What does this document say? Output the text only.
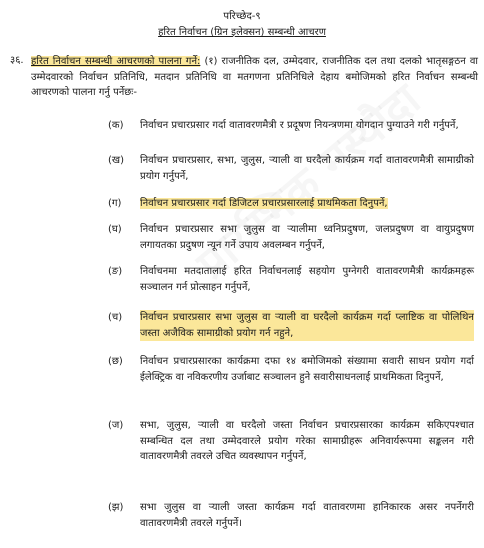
परिच्छेद-९
हरित निर्वाचन (ग्रिन इलेक्सन) सम्बन्धी आचरण
३६. हरित निर्वाचन सम्बन्धी आचरणको पालना गर्ने: (१) राजनीतिक दल, उम्मेदवार, राजनीतिक दल तथा दलको भातृसङ्गठन वा उम्मेदवारको निर्वाचन प्रतिनिधि, मतदान प्रतिनिधि वा मतगणना प्रतिनिधिले देहाय बमोजिमको हरित निर्वाचन सम्बन्धी आचरणको पालना गर्नु पर्नेछः-
(क) निर्वाचन प्रचारप्रसार गर्दा वातावरणमैत्री र प्रदूषण नियन्त्रणमा योगदान पुग्याउने गरी गर्नुपर्ने,
(ख) निर्वाचन प्रचारप्रसार, सभा, जुलुस, र्‍याली वा घरदैलो कार्यक्रम गर्दा वातावरणमैत्री सामाग्रीको प्रयोग गर्नुपर्ने,
(ग) निर्वाचन प्रचारप्रसार गर्दा डिजिटल प्रचारप्रसारलाई प्राथमिकता दिनुपर्ने,
(घ) निर्वाचन प्रचारप्रसार सभा जुलुस वा र्‍यालीमा ध्वनिप्रदुषण, जलप्रदुषण वा वायुप्रदुषण लगायतका प्रदुषण न्यून गर्ने उपाय अवलम्बन गर्नुपर्ने,
(ङ) निर्वाचनमा मतदातालाई हरित निर्वाचनलाई सहयोग पुग्नेगरी वातावरणमैत्री कार्यक्रमहरू सञ्चालन गर्न प्रोत्साहन गर्नुपर्ने,
(च) निर्वाचन प्रचारप्रसार सभा जुलुस वा र्‍याली वा घरदैलो कार्यक्रम गर्दा प्लाष्टिक वा पोलिथिन जस्ता अजैविक सामाग्रीको प्रयोग गर्न नहुने,
(छ) निर्वाचन प्रचारप्रसारका कार्यक्रमा दफा १४ बमोजिमको संख्यामा सवारी साधन प्रयोग गर्दा ईलेक्ट्रिक वा नविकरणीय उर्जाबाट सञ्चालन हुने सवारीसाधनलाई प्राथमिकता दिनुपर्ने,
(ज) सभा, जुलुस, र्‍याली वा घरदैलो जस्ता निर्वाचन प्रचारप्रसारका कार्यक्रम सकिएपश्चात सम्बन्धित दल तथा उम्मेदवारले प्रयोग गरेका सामाग्रीहरू अनिवार्यरूपमा सङ्कलन गरी वातावरणमैत्री तवरले उचित व्यवस्थापन गर्नुपर्ने,
(झ) सभा जुलुस वा र्‍याली जस्ता कार्यक्रम गर्दा वातावरणमा हानिकारक असर नपर्नेगरी वातावरणमैत्री तवरले गर्नुपर्ने।
